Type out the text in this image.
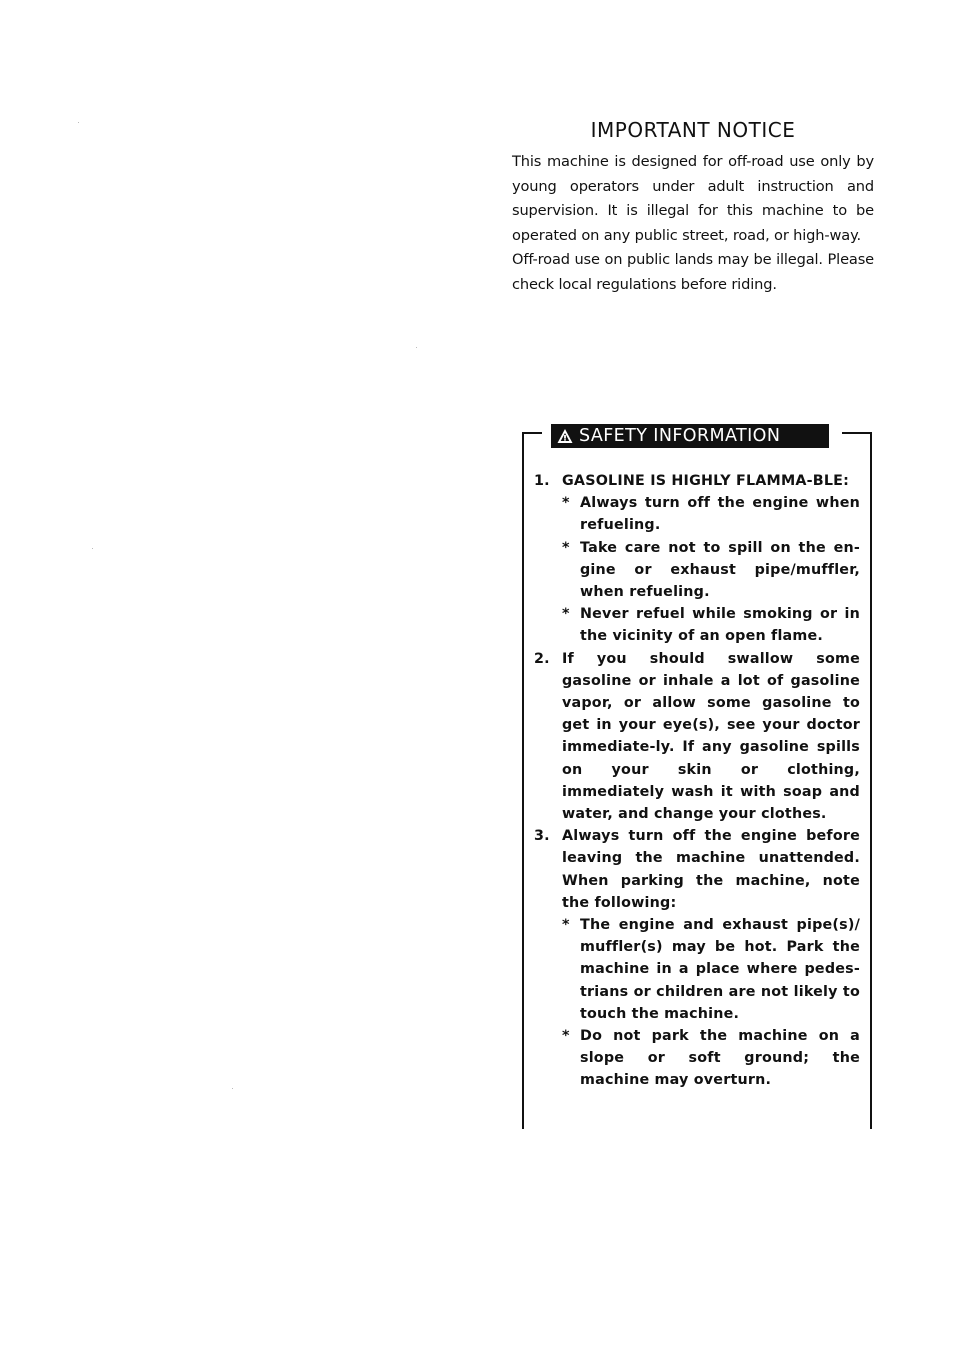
IMPORTANT NOTICE

This machine is designed for off-road use only by young operators under adult instruction and supervision. It is illegal for this machine to be operated on any public street, road, or high-way.

Off-road use on public lands may be illegal. Please check local regulations before riding.

SAFETY INFORMATION
1. GASOLINE IS HIGHLY FLAMMA-BLE:
* Always turn off the engine when refueling.
* Take care not to spill on the en-gine or exhaust pipe/muffler, when refueling.
* Never refuel while smoking or in the vicinity of an open flame.
2. If you should swallow some gasoline or inhale a lot of gasoline vapor, or allow some gasoline to get in your eye(s), see your doctor immediate-ly. If any gasoline spills on your skin or clothing, immediately wash it with soap and water, and change your clothes.
3. Always turn off the engine before leaving the machine unattended. When parking the machine, note the following:
* The engine and exhaust pipe(s)/ muffler(s) may be hot. Park the machine in a place where pedes-trians or children are not likely to touch the machine.
* Do not park the machine on a slope or soft ground; the machine may overturn.
